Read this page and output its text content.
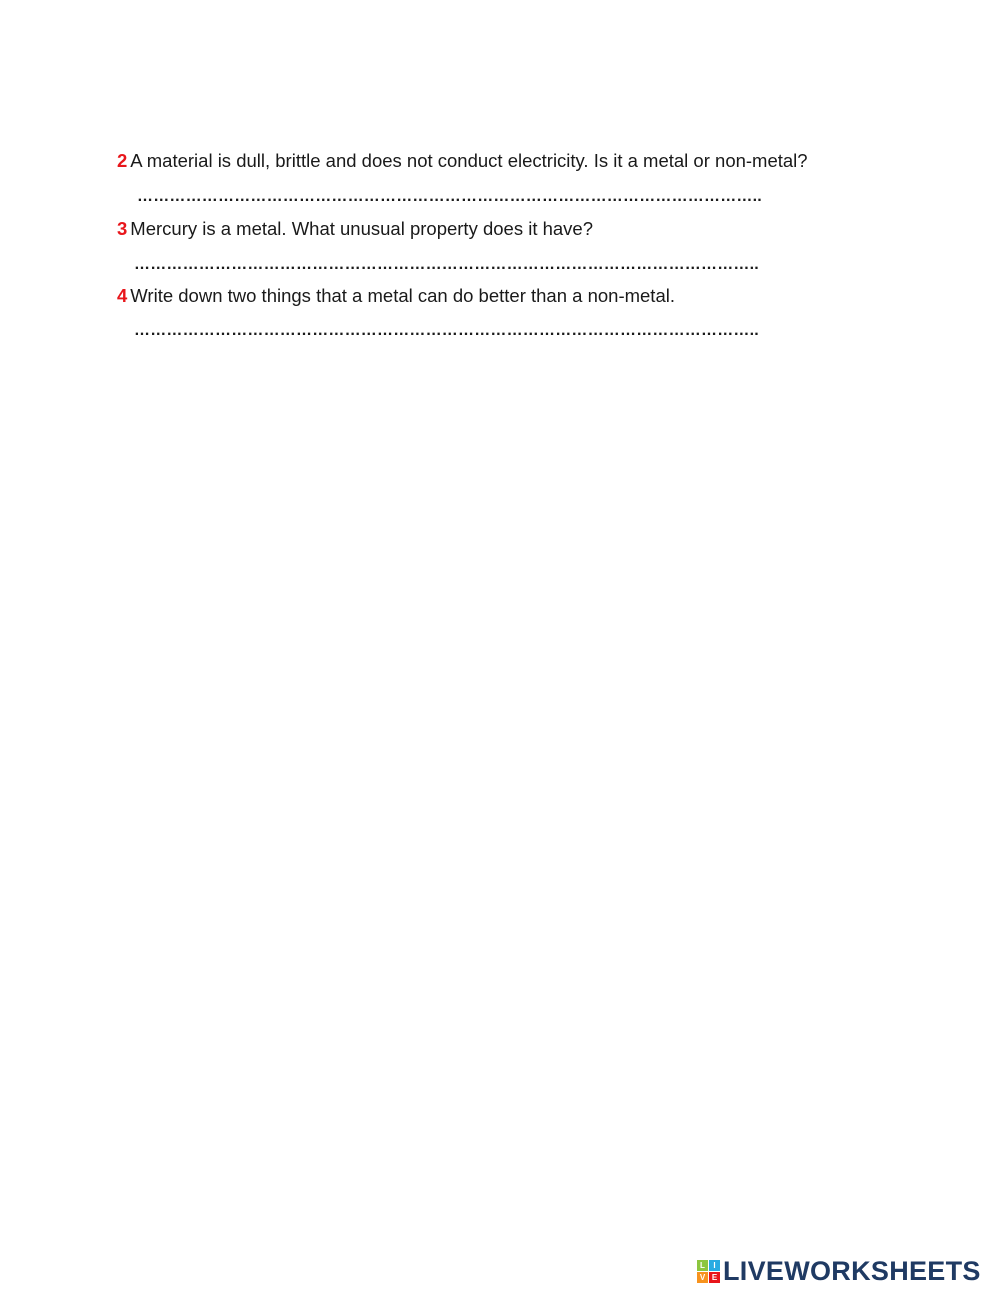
2 A material is dull, brittle and does not conduct electricity. Is it a metal or non-metal?
……………………………………………………………………………………………………..
3 Mercury is a metal. What unusual property does it have?
……………………………………………………………………………………………………..
4 Write down two things that a metal can do better than a non-metal.
……………………………………………………………………………………………………..
L	I
V E LIVEWORKSHEETS
